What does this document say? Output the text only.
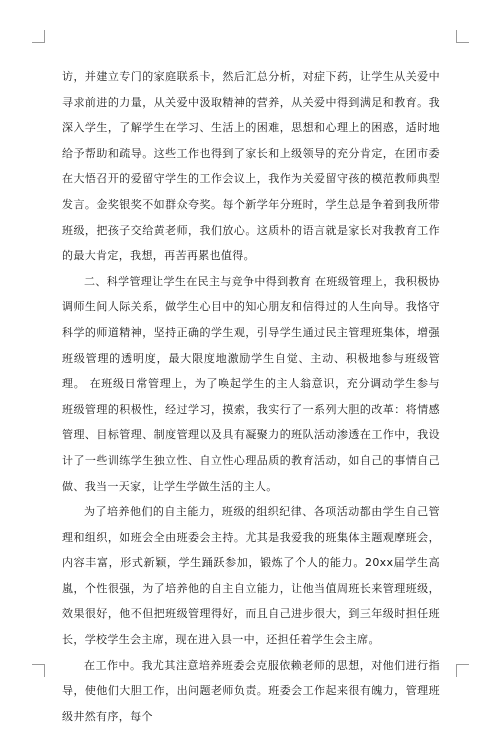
访，并建立专门的家庭联系卡，然后汇总分析，对症下药，让学生从关爱中寻求前进的力量，从关爱中汲取精神的营养，从关爱中得到满足和教育。我深入学生，了解学生在学习、生活上的困难，思想和心理上的困惑，适时地给予帮助和疏导。这些工作也得到了家长和上级领导的充分肯定，在团市委在大悟召开的爱留守学生的工作会议上，我作为关爱留守孩的模范教师典型发言。金奖银奖不如群众夸奖。每个新学年分班时，学生总是争着到我所带班级，把孩子交给黄老师，我们放心。这质朴的语言就是家长对我教育工作的最大肯定，我想，再苦再累也值得。

二、科学管理让学生在民主与竞争中得到教育 在班级管理上，我积极协调师生间人际关系，做学生心目中的知心朋友和信得过的人生向导。我恪守科学的师道精神，坚持正确的学生观，引导学生通过民主管理班集体，增强班级管理的透明度，最大限度地激励学生自觉、主动、积极地参与班级管理。 在班级日常管理上，为了唤起学生的主人翁意识，充分调动学生参与班级管理的积极性，经过学习，摸索，我实行了一系列大胆的改革：将情感管理、目标管理、制度管理以及具有凝聚力的班队活动渗透在工作中，我设计了一些训练学生独立性、自立性心理品质的教育活动，如自己的事情自己做、我当一天家，让学生学做生活的主人。

为了培养他们的自主能力，班级的组织纪律、各项活动都由学生自己管理和组织，如班会全由班委会主持。尤其是我爱我的班集体主题观摩班会，内容丰富，形式新颖，学生踊跃参加，锻炼了个人的能力。20xx届学生高嵐，个性很强，为了培养他的自主自立能力，让他当值周班长来管理班级，效果很好，他不但把班级管理得好，而且自己进步很大，到三年级时担任班长，学校学生会主席，现在进入县一中，还担任着学生会主席。

在工作中。我尤其注意培养班委会克服依赖老师的思想，对他们进行指导，使他们大胆工作，出问题老师负责。班委会工作起来很有魄力，管理班级井然有序，每个
